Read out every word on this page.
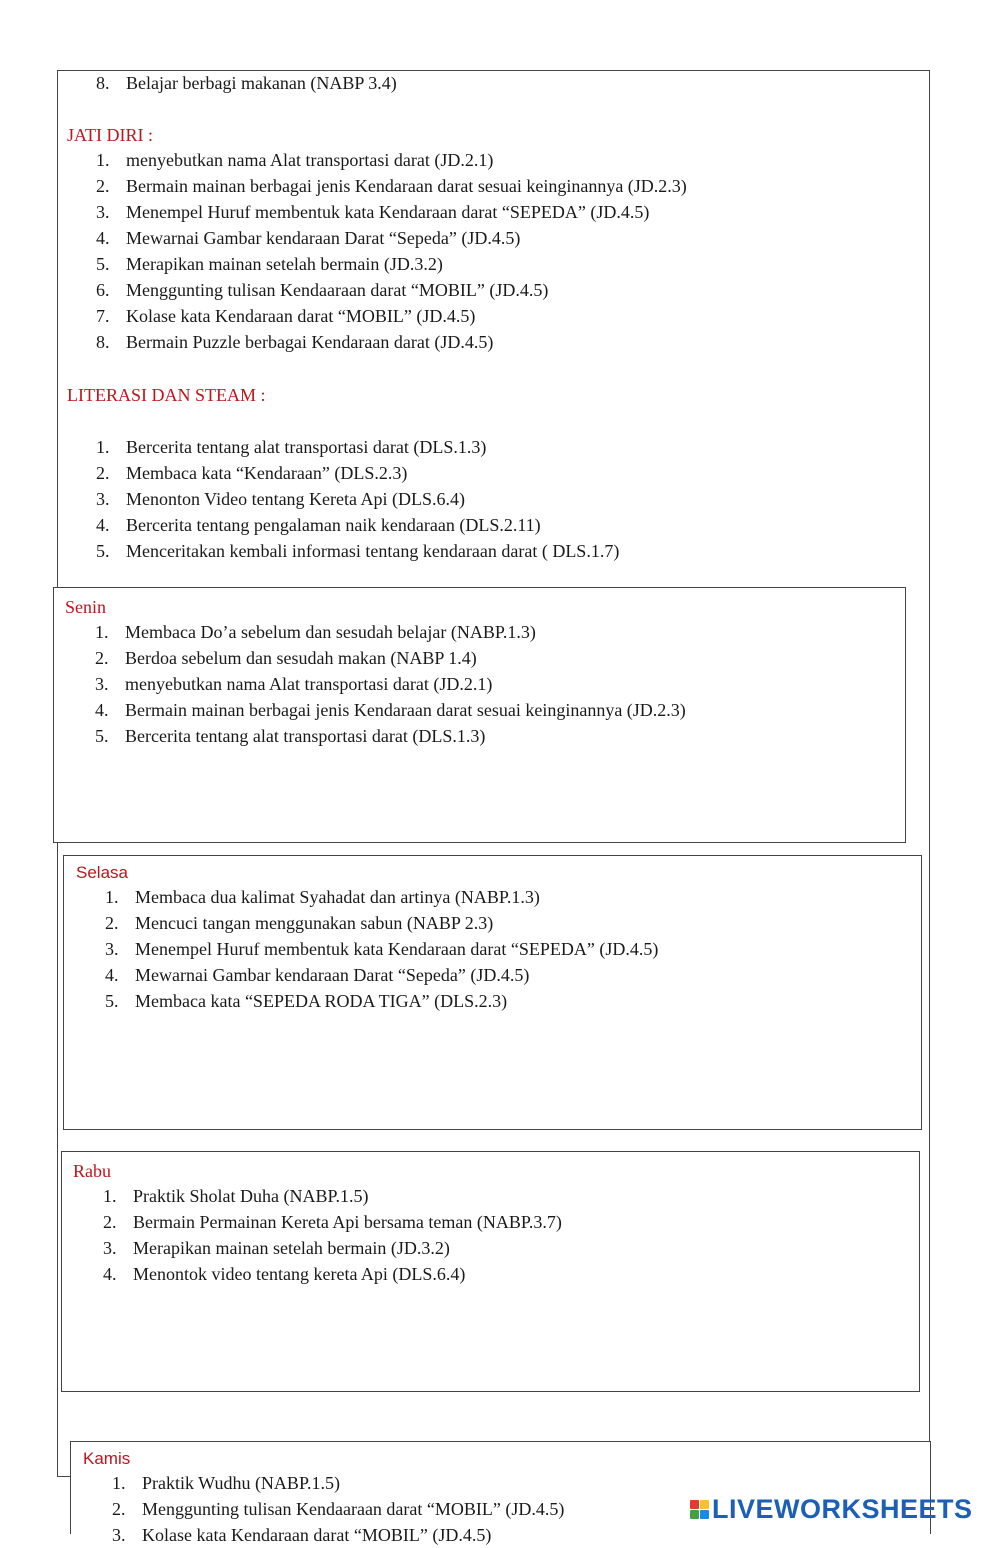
8. Belajar berbagi makanan (NABP 3.4)
JATI DIRI :
1. menyebutkan nama Alat transportasi darat (JD.2.1)
2. Bermain mainan berbagai jenis Kendaraan darat sesuai keinginannya (JD.2.3)
3. Menempel Huruf membentuk kata Kendaraan darat “SEPEDA” (JD.4.5)
4. Mewarnai Gambar kendaraan Darat “Sepeda” (JD.4.5)
5. Merapikan mainan setelah bermain (JD.3.2)
6. Menggunting tulisan Kendaaraan darat “MOBIL” (JD.4.5)
7. Kolase kata Kendaraan darat “MOBIL” (JD.4.5)
8. Bermain Puzzle berbagai Kendaraan darat (JD.4.5)
LITERASI DAN STEAM :
1. Bercerita tentang alat transportasi darat (DLS.1.3)
2. Membaca kata “Kendaraan” (DLS.2.3)
3. Menonton Video tentang Kereta Api (DLS.6.4)
4. Bercerita tentang pengalaman naik kendaraan (DLS.2.11)
5. Menceritakan kembali informasi tentang kendaraan darat ( DLS.1.7)
Senin
1. Membaca Do’a sebelum dan sesudah belajar (NABP.1.3)
2. Berdoa sebelum dan sesudah makan (NABP 1.4)
3. menyebutkan nama Alat transportasi darat (JD.2.1)
4. Bermain mainan berbagai jenis Kendaraan darat sesuai keinginannya (JD.2.3)
5. Bercerita tentang alat transportasi darat (DLS.1.3)
Selasa
1. Membaca dua kalimat Syahadat dan artinya (NABP.1.3)
2. Mencuci tangan menggunakan sabun (NABP 2.3)
3. Menempel Huruf membentuk kata Kendaraan darat “SEPEDA” (JD.4.5)
4. Mewarnai Gambar kendaraan Darat “Sepeda” (JD.4.5)
5. Membaca kata “SEPEDA RODA TIGA” (DLS.2.3)
Rabu
1. Praktik Sholat Duha (NABP.1.5)
2. Bermain Permainan Kereta Api bersama teman (NABP.3.7)
3. Merapikan mainan setelah bermain (JD.3.2)
4. Menontok video tentang kereta Api (DLS.6.4)
Kamis
1. Praktik Wudhu (NABP.1.5)
2. Menggunting tulisan Kendaaraan darat “MOBIL” (JD.4.5)
3. Kolase kata Kendaraan darat “MOBIL” (JD.4.5)
LIVEWORKSHEETS
